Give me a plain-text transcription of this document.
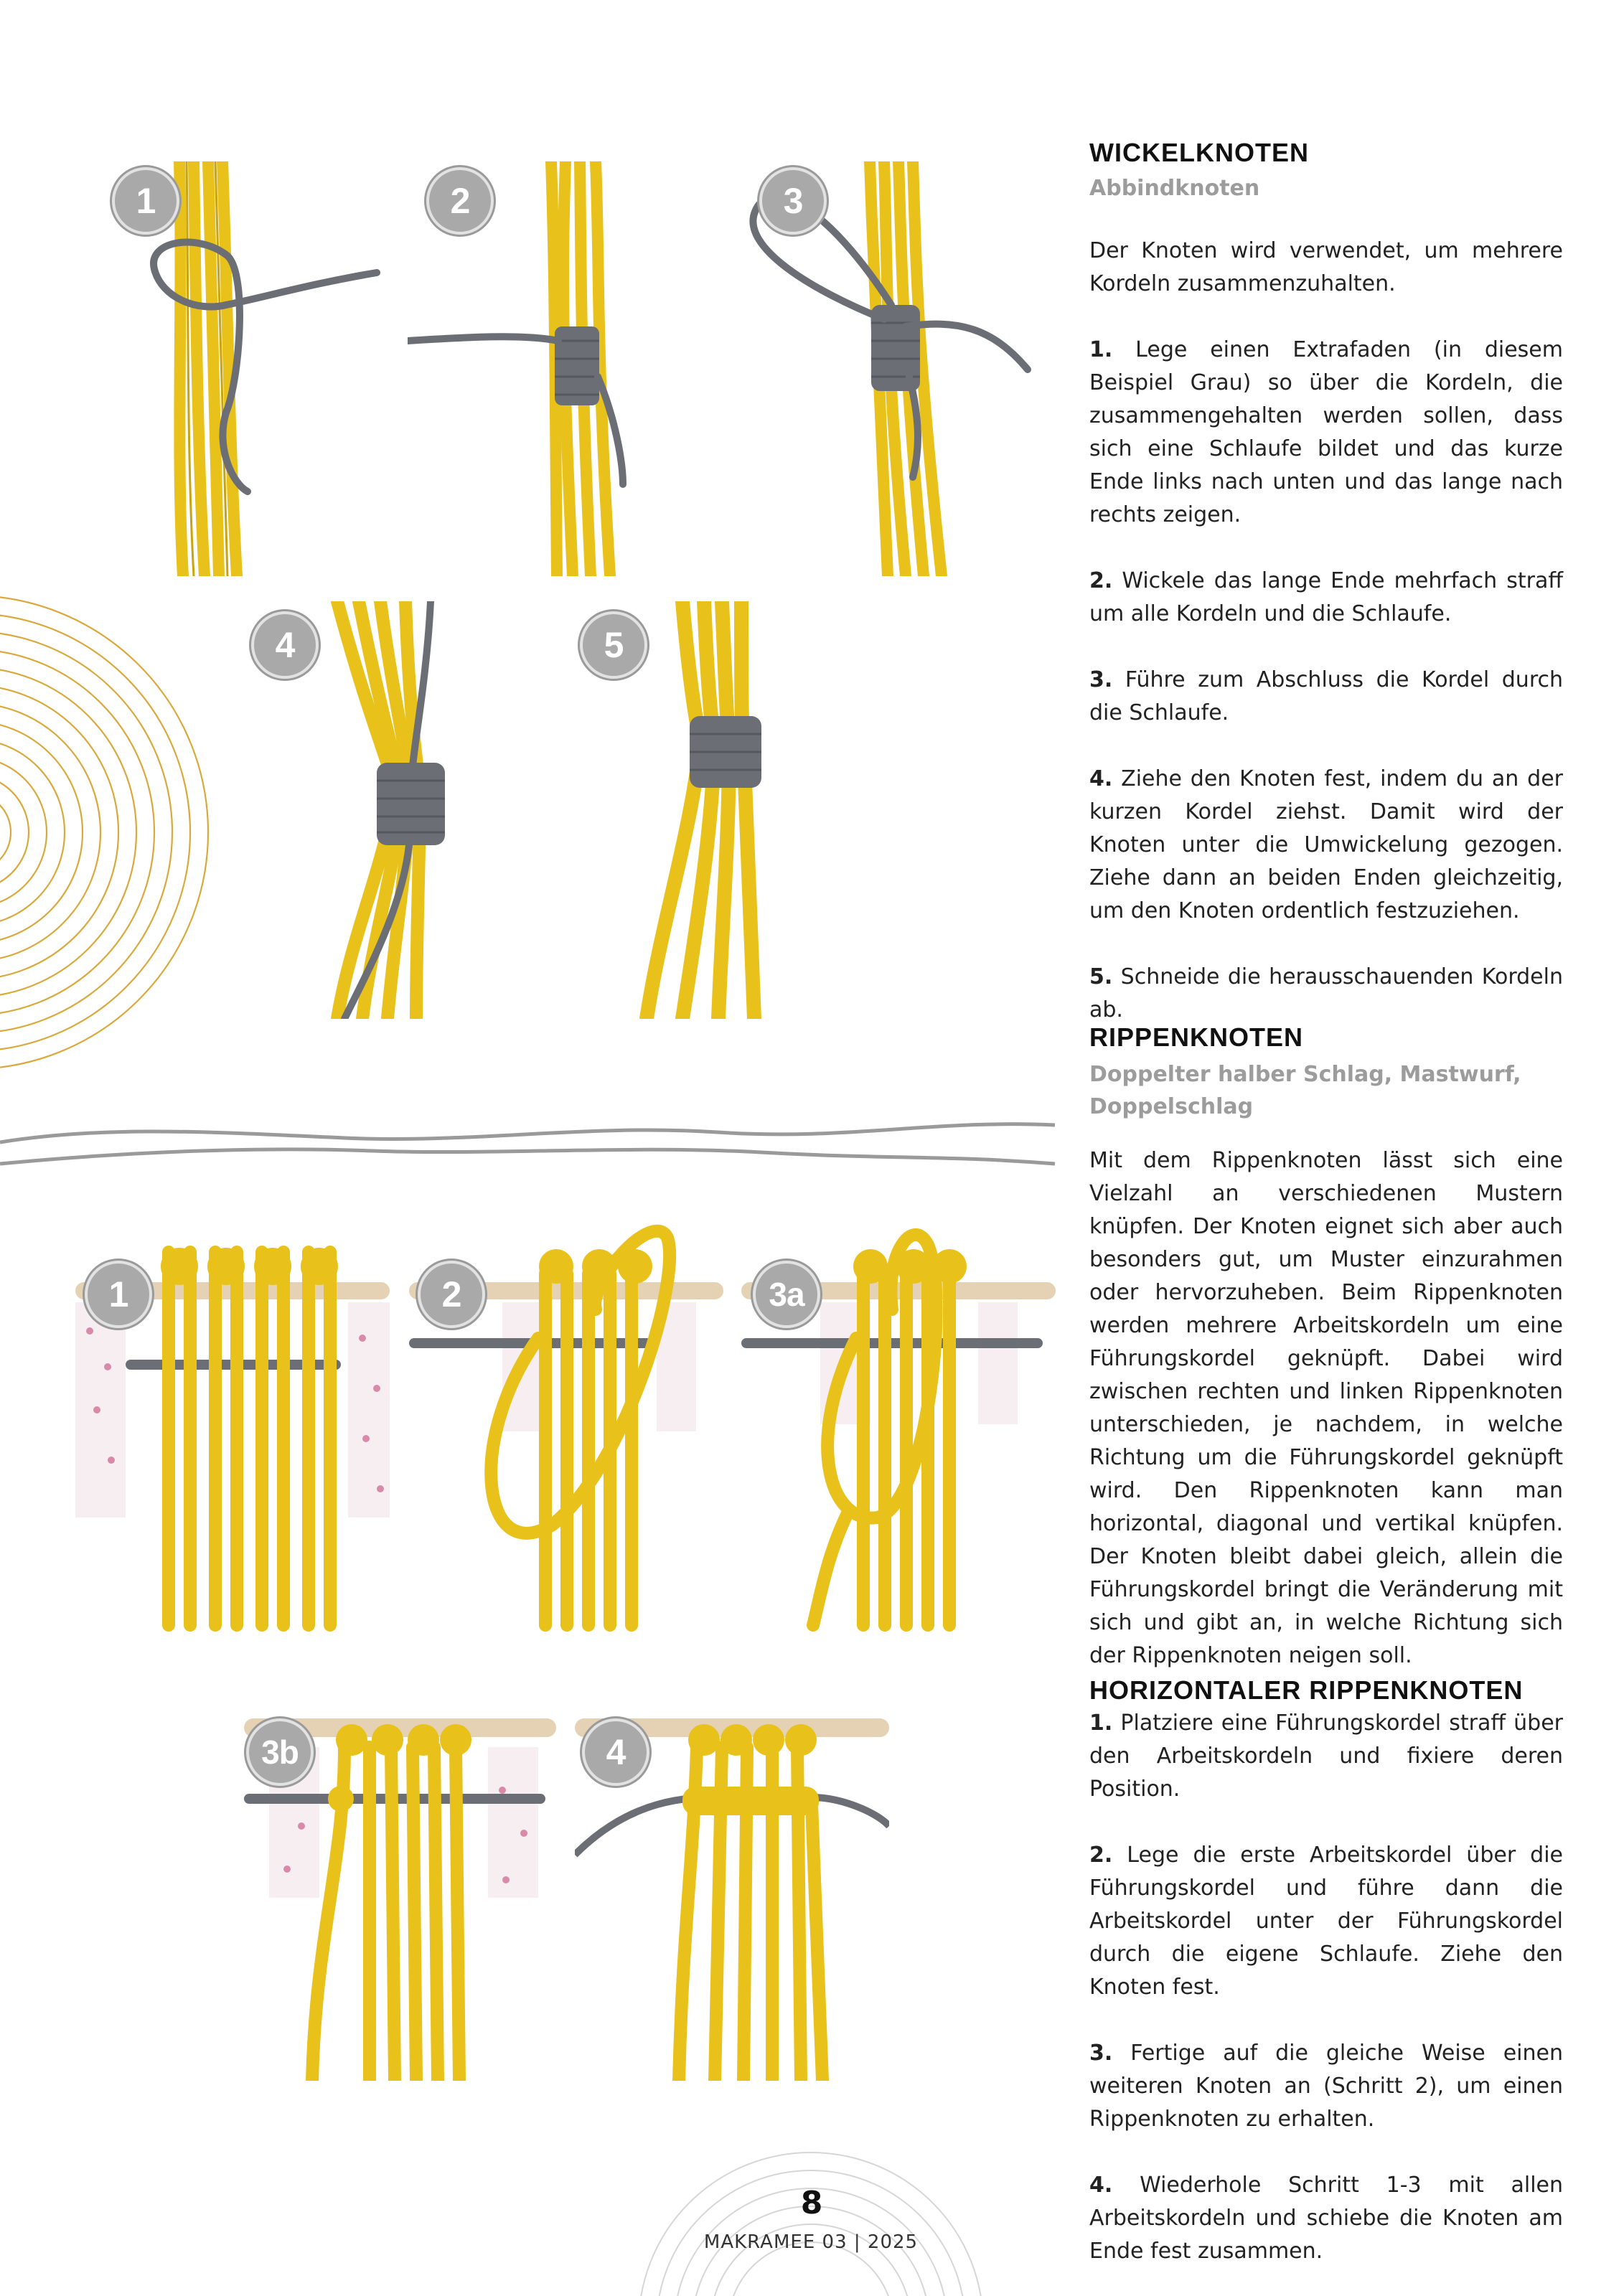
1	2	3
4	5
1	2	3a
3b	4
WICKELKNOTEN
Abbindknoten

Der Knoten wird verwendet, um mehrere Kordeln zusammenzuhalten.

1. Lege einen Extrafaden (in diesem Beispiel Grau) so über die Kordeln, die zusammengehalten werden sollen, dass sich eine Schlaufe bildet und das kurze Ende links nach unten und das lange nach rechts zeigen.

2. Wickele das lange Ende mehrfach straff um alle Kordeln und die Schlaufe.

3. Führe zum Abschluss die Kordel durch die Schlaufe.

4. Ziehe den Knoten fest, indem du an der kurzen Kordel ziehst. Damit wird der Knoten unter die Umwickelung gezogen. Ziehe dann an beiden Enden gleichzeitig, um den Knoten ordentlich festzuziehen.

5. Schneide die herausschauenden Kordeln ab.

RIPPENKNOTEN
Doppelter halber Schlag, Mastwurf,
Doppelschlag

Mit dem Rippenknoten lässt sich eine Vielzahl an verschiedenen Mustern knüpfen. Der Knoten eignet sich aber auch besonders gut, um Muster einzurahmen oder hervorzuheben. Beim Rippenknoten werden mehrere Arbeitskordeln um eine Führungskordel geknüpft. Dabei wird zwischen rechten und linken Rippenknoten unterschieden, je nachdem, in welche Richtung um die Führungskordel geknüpft wird. Den Rippenknoten kann man horizontal, diagonal und vertikal knüpfen. Der Knoten bleibt dabei gleich, allein die Führungskordel bringt die Veränderung mit sich und gibt an, in welche Richtung sich der Rippenknoten neigen soll.

HORIZONTALER RIPPENKNOTEN

1. Platziere eine Führungskordel straff über den Arbeitskordeln und fixiere deren Position.

2. Lege die erste Arbeitskordel über die Führungskordel und führe dann die Arbeitskordel unter der Führungskordel durch die eigene Schlaufe. Ziehe den Knoten fest.

3. Fertige auf die gleiche Weise einen weiteren Knoten an (Schritt 2), um einen Rippenknoten zu erhalten.

4. Wiederhole Schritt 1-3 mit allen Arbeitskordeln und schiebe die Knoten am Ende fest zusammen.

8
MAKRAMEE 03 | 2025
